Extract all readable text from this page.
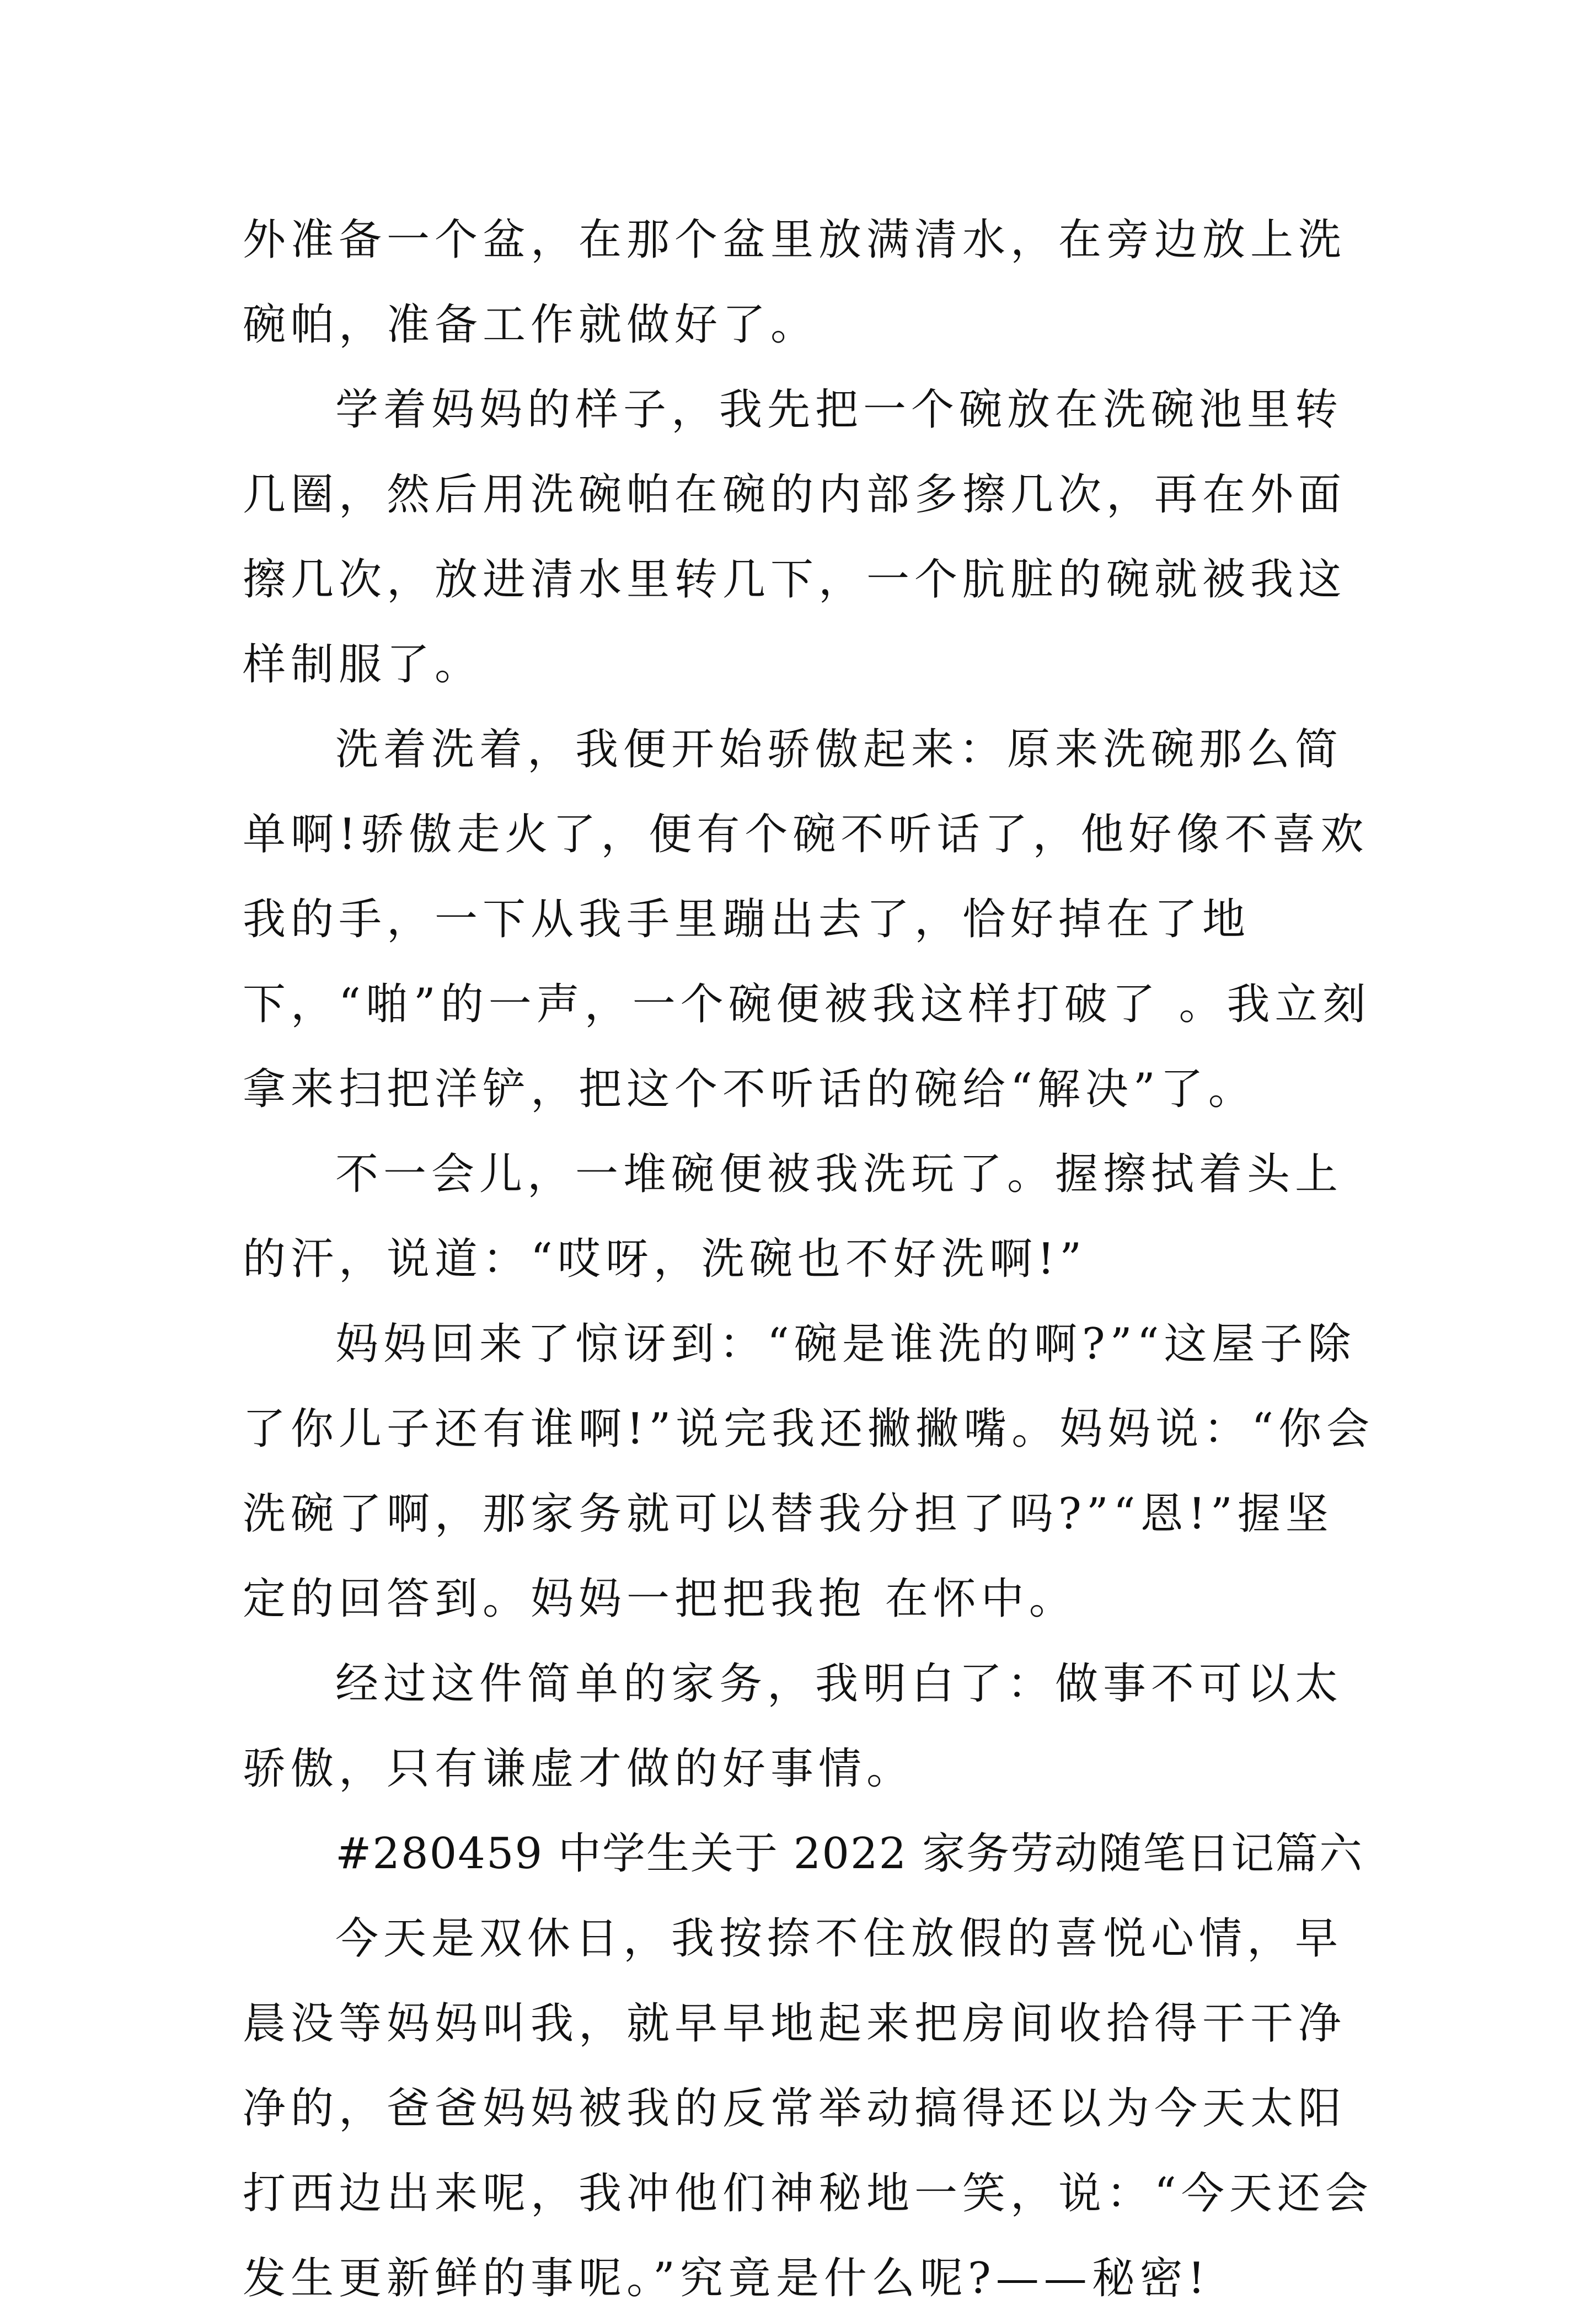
外准备一个盆，在那个盆里放满清水，在旁边放上洗碗帕，准备工作就做好了。

学着妈妈的样子，我先把一个碗放在洗碗池里转几圈，然后用洗碗帕在碗的内部多擦几次，再在外面擦几次，放进清水里转几下，一个肮脏的碗就被我这样制服了。

洗着洗着，我便开始骄傲起来：原来洗碗那么简单啊!骄傲走火了，便有个碗不听话了，他好像不喜欢我的手，一下从我手里蹦出去了，恰好掉在了地下，“啪”的一声，一个碗便被我这样打破了 。我立刻拿来扫把洋铲，把这个不听话的碗给“解决”了。

不一会儿，一堆碗便被我洗玩了。握擦拭着头上的汗，说道：“哎呀，洗碗也不好洗啊!”

妈妈回来了惊讶到：“碗是谁洗的啊?”“这屋子除了你儿子还有谁啊!”说完我还撇撇嘴。妈妈说：“你会洗碗了啊，那家务就可以替我分担了吗?”“恩!”握坚定的回答到。妈妈一把把我抱 在怀中。

经过这件简单的家务，我明白了：做事不可以太骄傲，只有谦虚才做的好事情。

#280459 中学生关于 2022 家务劳动随笔日记篇六

今天是双休日，我按捺不住放假的喜悦心情，早晨没等妈妈叫我，就早早地起来把房间收拾得干干净净的，爸爸妈妈被我的反常举动搞得还以为今天太阳打西边出来呢，我冲他们神秘地一笑，说：“今天还会发生更新鲜的事呢。”究竟是什么呢?——秘密!
